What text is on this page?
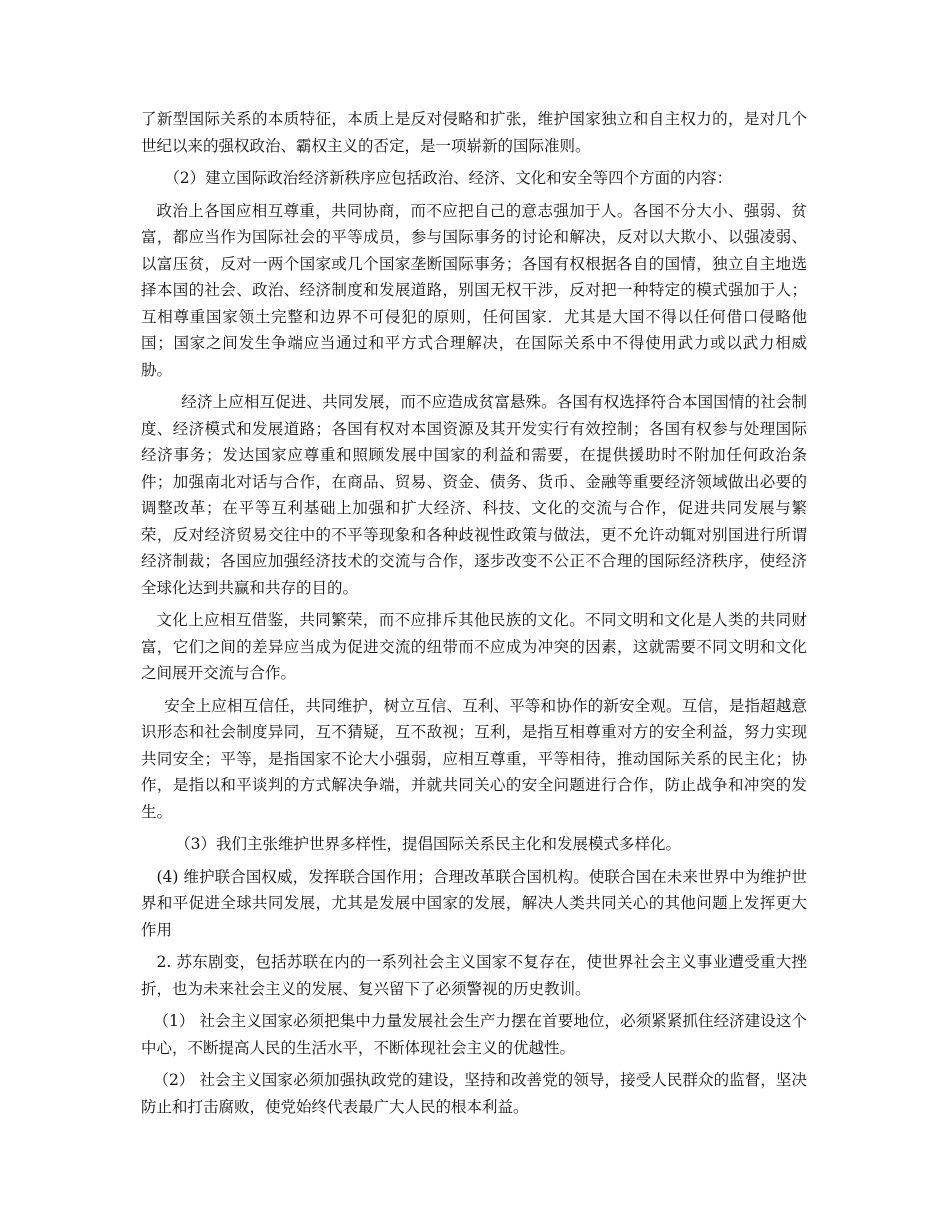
了新型国际关系的本质特征，本质上是反对侵略和扩张，维护国家独立和自主权力的，是对几个世纪以来的强权政治、霸权主义的否定，是一项崭新的国际准则。

（2）建立国际政治经济新秩序应包括政治、经济、文化和安全等四个方面的内容：

政治上各国应相互尊重，共同协商，而不应把自己的意志强加于人。各国不分大小、强弱、贫富，都应当作为国际社会的平等成员，参与国际事务的讨论和解决，反对以大欺小、以强凌弱、以富压贫，反对一两个国家或几个国家垄断国际事务；各国有权根据各自的国情，独立自主地选择本国的社会、政治、经济制度和发展道路，别国无权干涉，反对把一种特定的模式强加于人；互相尊重国家领土完整和边界不可侵犯的原则，任何国家．尤其是大国不得以任何借口侵略他国；国家之间发生争端应当通过和平方式合理解决，在国际关系中不得使用武力或以武力相威胁。

经济上应相互促进、共同发展，而不应造成贫富悬殊。各国有权选择符合本国国情的社会制度、经济模式和发展道路；各国有权对本国资源及其开发实行有效控制；各国有权参与处理国际经济事务；发达国家应尊重和照顾发展中国家的利益和需要，在提供援助时不附加任何政治条件；加强南北对话与合作，在商品、贸易、资金、债务、货币、金融等重要经济领域做出必要的调整改革；在平等互利基础上加强和扩大经济、科技、文化的交流与合作，促进共同发展与繁荣，反对经济贸易交往中的不平等现象和各种歧视性政策与做法，更不允许动辄对别国进行所谓经济制裁；各国应加强经济技术的交流与合作，逐步改变不公正不合理的国际经济秩序，使经济全球化达到共赢和共存的目的。

文化上应相互借鉴，共同繁荣，而不应排斥其他民族的文化。不同文明和文化是人类的共同财富，它们之间的差异应当成为促进交流的纽带而不应成为冲突的因素，这就需要不同文明和文化之间展开交流与合作。

安全上应相互信任，共同维护，树立互信、互利、平等和协作的新安全观。互信，是指超越意识形态和社会制度异同，互不猜疑，互不敌视；互利，是指互相尊重对方的安全利益，努力实现共同安全；平等，是指国家不论大小强弱，应相互尊重，平等相待，推动国际关系的民主化；协作，是指以和平谈判的方式解决争端，并就共同关心的安全问题进行合作，防止战争和冲突的发生。

（3）我们主张维护世界多样性，提倡国际关系民主化和发展模式多样化。

(4) 维护联合国权威，发挥联合国作用；合理改革联合国机构。使联合国在未来世界中为维护世界和平促进全球共同发展，尤其是发展中国家的发展，解决人类共同关心的其他问题上发挥更大作用

2. 苏东剧变，包括苏联在内的一系列社会主义国家不复存在，使世界社会主义事业遭受重大挫折，也为未来社会主义的发展、复兴留下了必须警视的历史教训。

（1） 社会主义国家必须把集中力量发展社会生产力摆在首要地位，必须紧紧抓住经济建设这个中心，不断提高人民的生活水平，不断体现社会主义的优越性。

（2） 社会主义国家必须加强执政党的建设，坚持和改善党的领导，接受人民群众的监督，坚决防止和打击腐败，使党始终代表最广大人民的根本利益。
